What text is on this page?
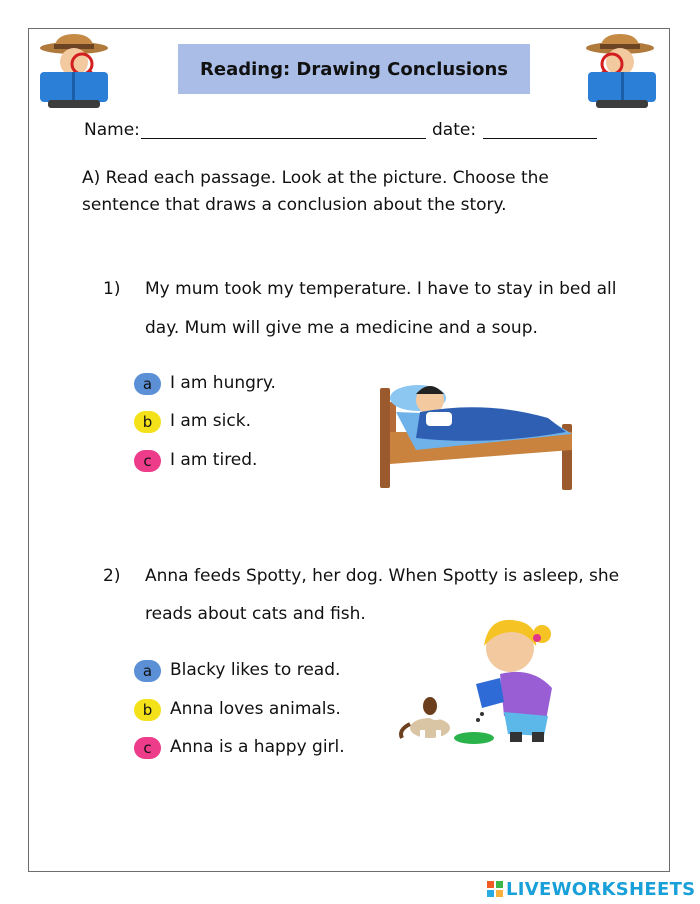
Reading: Drawing Conclusions
Name:	date:
A) Read each passage. Look at the picture. Choose the
sentence that draws a conclusion about the story.
1) My mum took my temperature. I have to stay in bed all
day. Mum will give me a medicine and a soup.
a	I am hungry.
b	I am sick.
c	I am tired.
2) Anna feeds Spotty, her dog. When Spotty is asleep, she
reads about cats and fish.
a	Blacky likes to read.
b	Anna loves animals.
c	Anna is a happy girl.
LIVEWORKSHEETS
